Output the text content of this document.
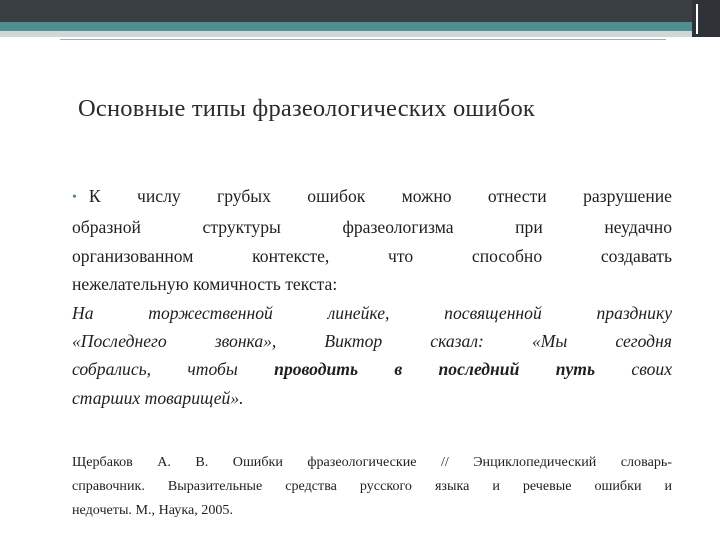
Основные типы фразеологических ошибок
• К числу грубых ошибок можно отнести разрушение
образной структуры фразеологизма при неудачно
организованном контексте, что способно создавать
нежелательную комичность текста:
На торжественной линейке, посвященной празднику
«Последнего звонка», Виктор сказал: «Мы сегодня
собрались, чтобы проводить в последний путь своих
старших товарищей».
Щербаков А. В. Ошибки фразеологические // Энциклопедический словарь-
справочник. Выразительные средства русского языка и речевые ошибки и
недочеты. М., Наука, 2005.
